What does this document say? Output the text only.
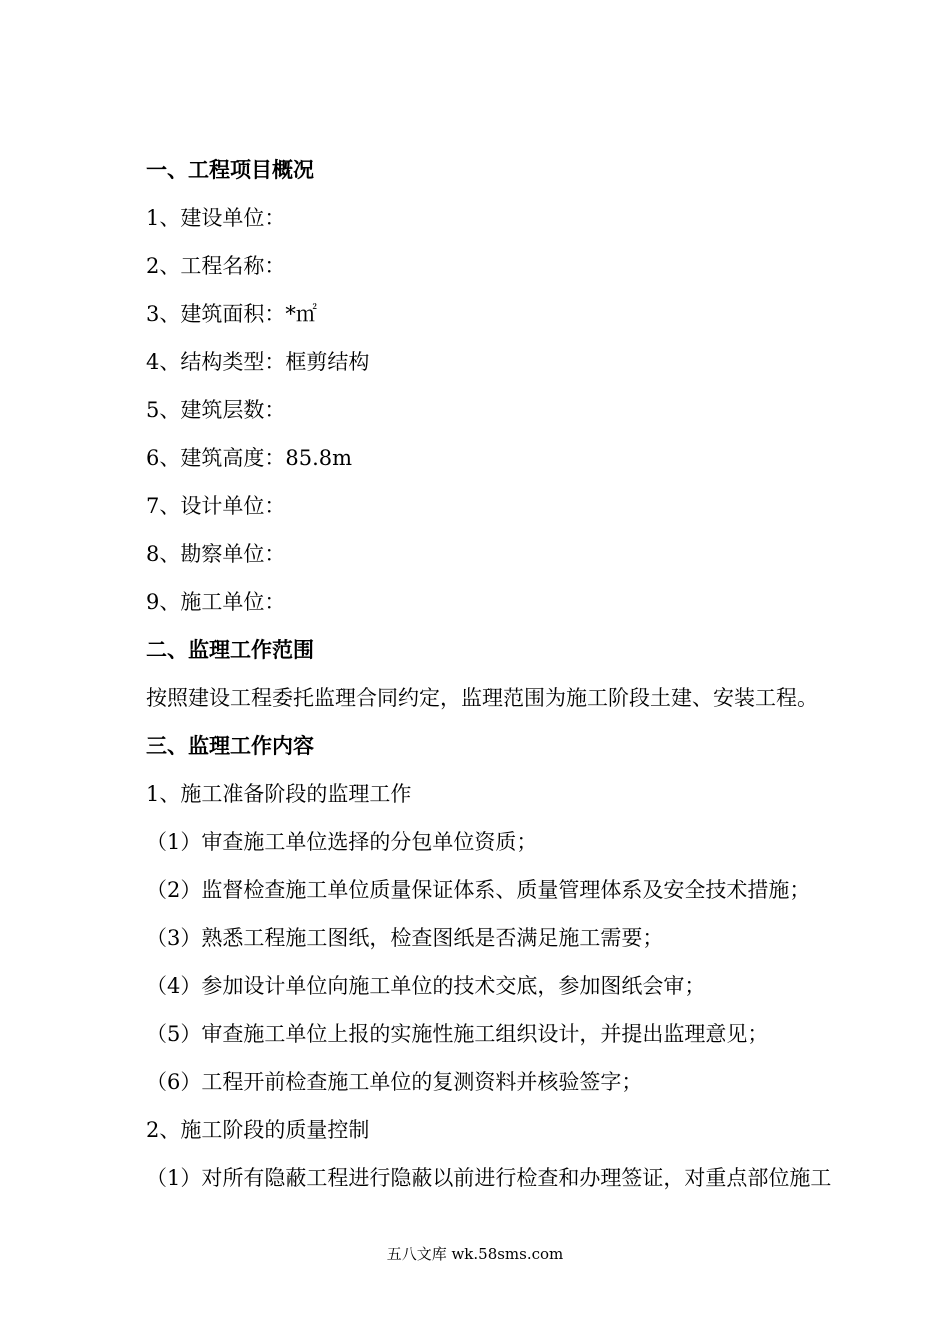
一、工程项目概况
1、建设单位：
2、工程名称：
3、建筑面积：*㎡
4、结构类型：框剪结构
5、建筑层数：
6、建筑高度：85.8m
7、设计单位：
8、勘察单位：
9、施工单位：
二、监理工作范围
按照建设工程委托监理合同约定，监理范围为施工阶段土建、安装工程。
三、监理工作内容
1、施工准备阶段的监理工作
（1）审查施工单位选择的分包单位资质；
（2）监督检查施工单位质量保证体系、质量管理体系及安全技术措施；
（3）熟悉工程施工图纸，检查图纸是否满足施工需要；
（4）参加设计单位向施工单位的技术交底，参加图纸会审；
（5）审查施工单位上报的实施性施工组织设计，并提出监理意见；
（6）工程开前检查施工单位的复测资料并核验签字；
2、施工阶段的质量控制
（1）对所有隐蔽工程进行隐蔽以前进行检查和办理签证，对重点部位施工
五八文库 wk.58sms.com
